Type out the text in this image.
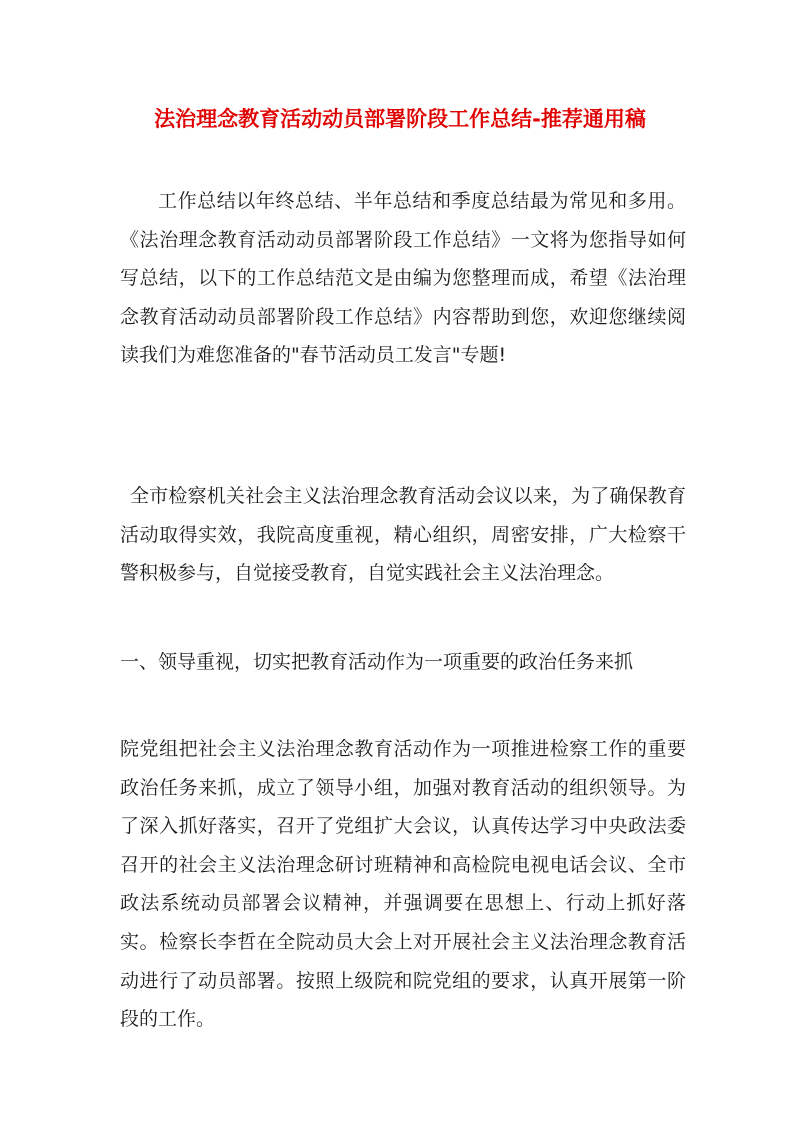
法治理念教育活动动员部署阶段工作总结-推荐通用稿

工作总结以年终总结、半年总结和季度总结最为常见和多用。《法治理念教育活动动员部署阶段工作总结》一文将为您指导如何写总结，以下的工作总结范文是由编为您整理而成，希望《法治理念教育活动动员部署阶段工作总结》内容帮助到您，欢迎您继续阅读我们为难您准备的"春节活动员工发言"专题!

全市检察机关社会主义法治理念教育活动会议以来，为了确保教育活动取得实效，我院高度重视，精心组织，周密安排，广大检察干警积极参与，自觉接受教育，自觉实践社会主义法治理念。

一、领导重视，切实把教育活动作为一项重要的政治任务来抓

院党组把社会主义法治理念教育活动作为一项推进检察工作的重要政治任务来抓，成立了领导小组，加强对教育活动的组织领导。为了深入抓好落实，召开了党组扩大会议，认真传达学习中央政法委召开的社会主义法治理念研讨班精神和高检院电视电话会议、全市政法系统动员部署会议精神，并强调要在思想上、行动上抓好落实。检察长李哲在全院动员大会上对开展社会主义法治理念教育活动进行了动员部署。按照上级院和院党组的要求，认真开展第一阶段的工作。
